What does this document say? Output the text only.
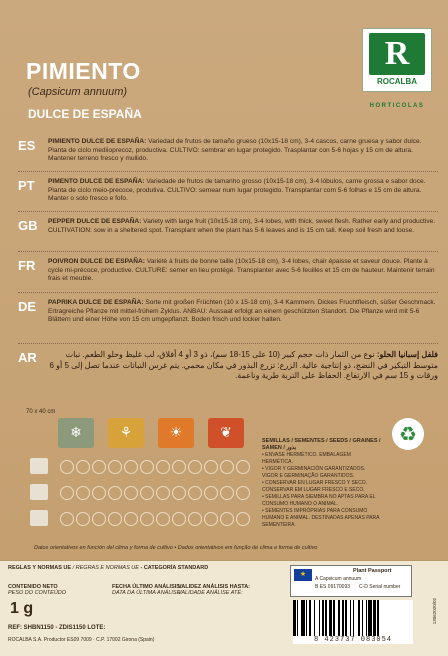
PIMIENTO
(Capsicum annuum)
DULCE DE ESPAÑA
R
ROCALBA
HORTICOLAS
ES PIMIENTO DULCE DE ESPAÑA: Variedad de frutos de tamaño grueso (10x15-18 cm), 3-4 cascos, carne gruesa y sabor dulce. Planta de ciclo mediioprecoz, productiva. CULTIVO: sembrar en lugar protegido. Trasplantar con 5-6 hojas y 15 cm de altura. Mantener terreno fresco y mullido.
PT PIMENTO DULCE DE ESPAÑA: Variedade de frutos de tamanho grosso (10x15-18 cm), 3-4 lóbulos, carne grossa e sabor doce. Planta de ciclo meio-precoce, produtiva. CULTIVO: semear num lugar protegido. Transplantar com 5-6 folhas e 15 cm de altura. Manter o solo fresco e fofo.
GB PEPPER DULCE DE ESPAÑA: Variety with large fruit (10x15-18 cm), 3-4 lobes, with thick, sweet flesh. Rather early and productive. CULTIVATION: sow in a sheltered spot. Transplant when the plant has 5-6 leaves and is 15 cm tall. Keep soil fresh and loose.
FR POIVRON DULCE DE ESPAÑA: Variété à fruits de bonne taille (10x15-18 cm), 3-4 lobes, chair épaisse et saveur douce. Plante à cycle mi-précoce, productive. CULTURE: semer en lieu protégé. Transplanter avec 5-6 feuilles et 15 cm de hauteur. Maintenir terrain frais et meuble.
DE PAPRIKA DULCE DE ESPAÑA: Sorte mit großen Früchten (10 x 15-18 cm), 3-4 Kammern. Dickes Fruchtfleisch, süßer Geschmack. Ertragreiche Pflanze mit mittel-frühem Zyklus. ANBAU: Aussaat erfolgt an einem geschützten Standort. Die Pflanze wird mit 5-6 Blättern und einer Höhe von 15 cm umgepflanzt. Boden frisch und locker halten.
AR	فلفل إسبانيا الحلو: نوع من الثمار ذات حجم كبير (10 على 15-18 سم)، ذو 3 أو 4 أفلاق، لب غليظ وحلو الطعم. نبات متوسط التبكير في النضج، ذو إنتاجية عالية. الزرع: تزرع البذور في مكان محمي. يتم غرس النباتات عندما تصل إلى 5 أو 6 ورقات و 15 سم في الارتفاع. الحفاظ على التربة طرية وناعمة.
70 x 40 cm
❄	⚘	☀	❦
SEMILLAS / SEMENTES / SEEDS / GRAINES / SAMEN / بذور
• ENVASE HERMÉTICO. EMBALAGEM HERMÉTICA.
• VIGOR Y GERMINACIÓN GARANTIZADOS. VIGOR E GERMINAÇÃO GARANTIDOS.
• CONSERVAR EN LUGAR FRESCO Y SECO. CONSERVAR EM LUGAR FRESCO E SECO.
• SEMILLAS PARA SIEMBRA NO APTAS PARA EL CONSUMO HUMANO O ANIMAL.
• SEMENTES IMPRÓPRIAS PARA CONSUMO HUMANO E ANIMAL. DESTINADAS APENAS PARA SEMENTEIRA.
♻
Datos orientativos en función del clima y forma de cultivo • Dados orientativos em função de clima e forma de cultivo
REGLAS Y NORMAS UE / REGRAS E NORMAS UE - CATEGORÍA STANDARD
CONTENIDO NETO
PESO DO CONTEÚDO
1 g
FECHA ÚLTIMO ANÁLISIS:
DATA DA ÚLTIMA ANÁLISE:
VALIDEZ ANÁLISIS HASTA:
VALIDADE ANÁLISE ATÉ:
REF: SHBN1150 - ZDIS1150 LOTE:
ROCALBA S.A. Productor ES09 7009 · C.P. 17002 Girona (Spain)
★	Plant Passport
A Capsicum annuum
B ES 09170093 C-D Serial number
8 423737 083054
13062020/02
